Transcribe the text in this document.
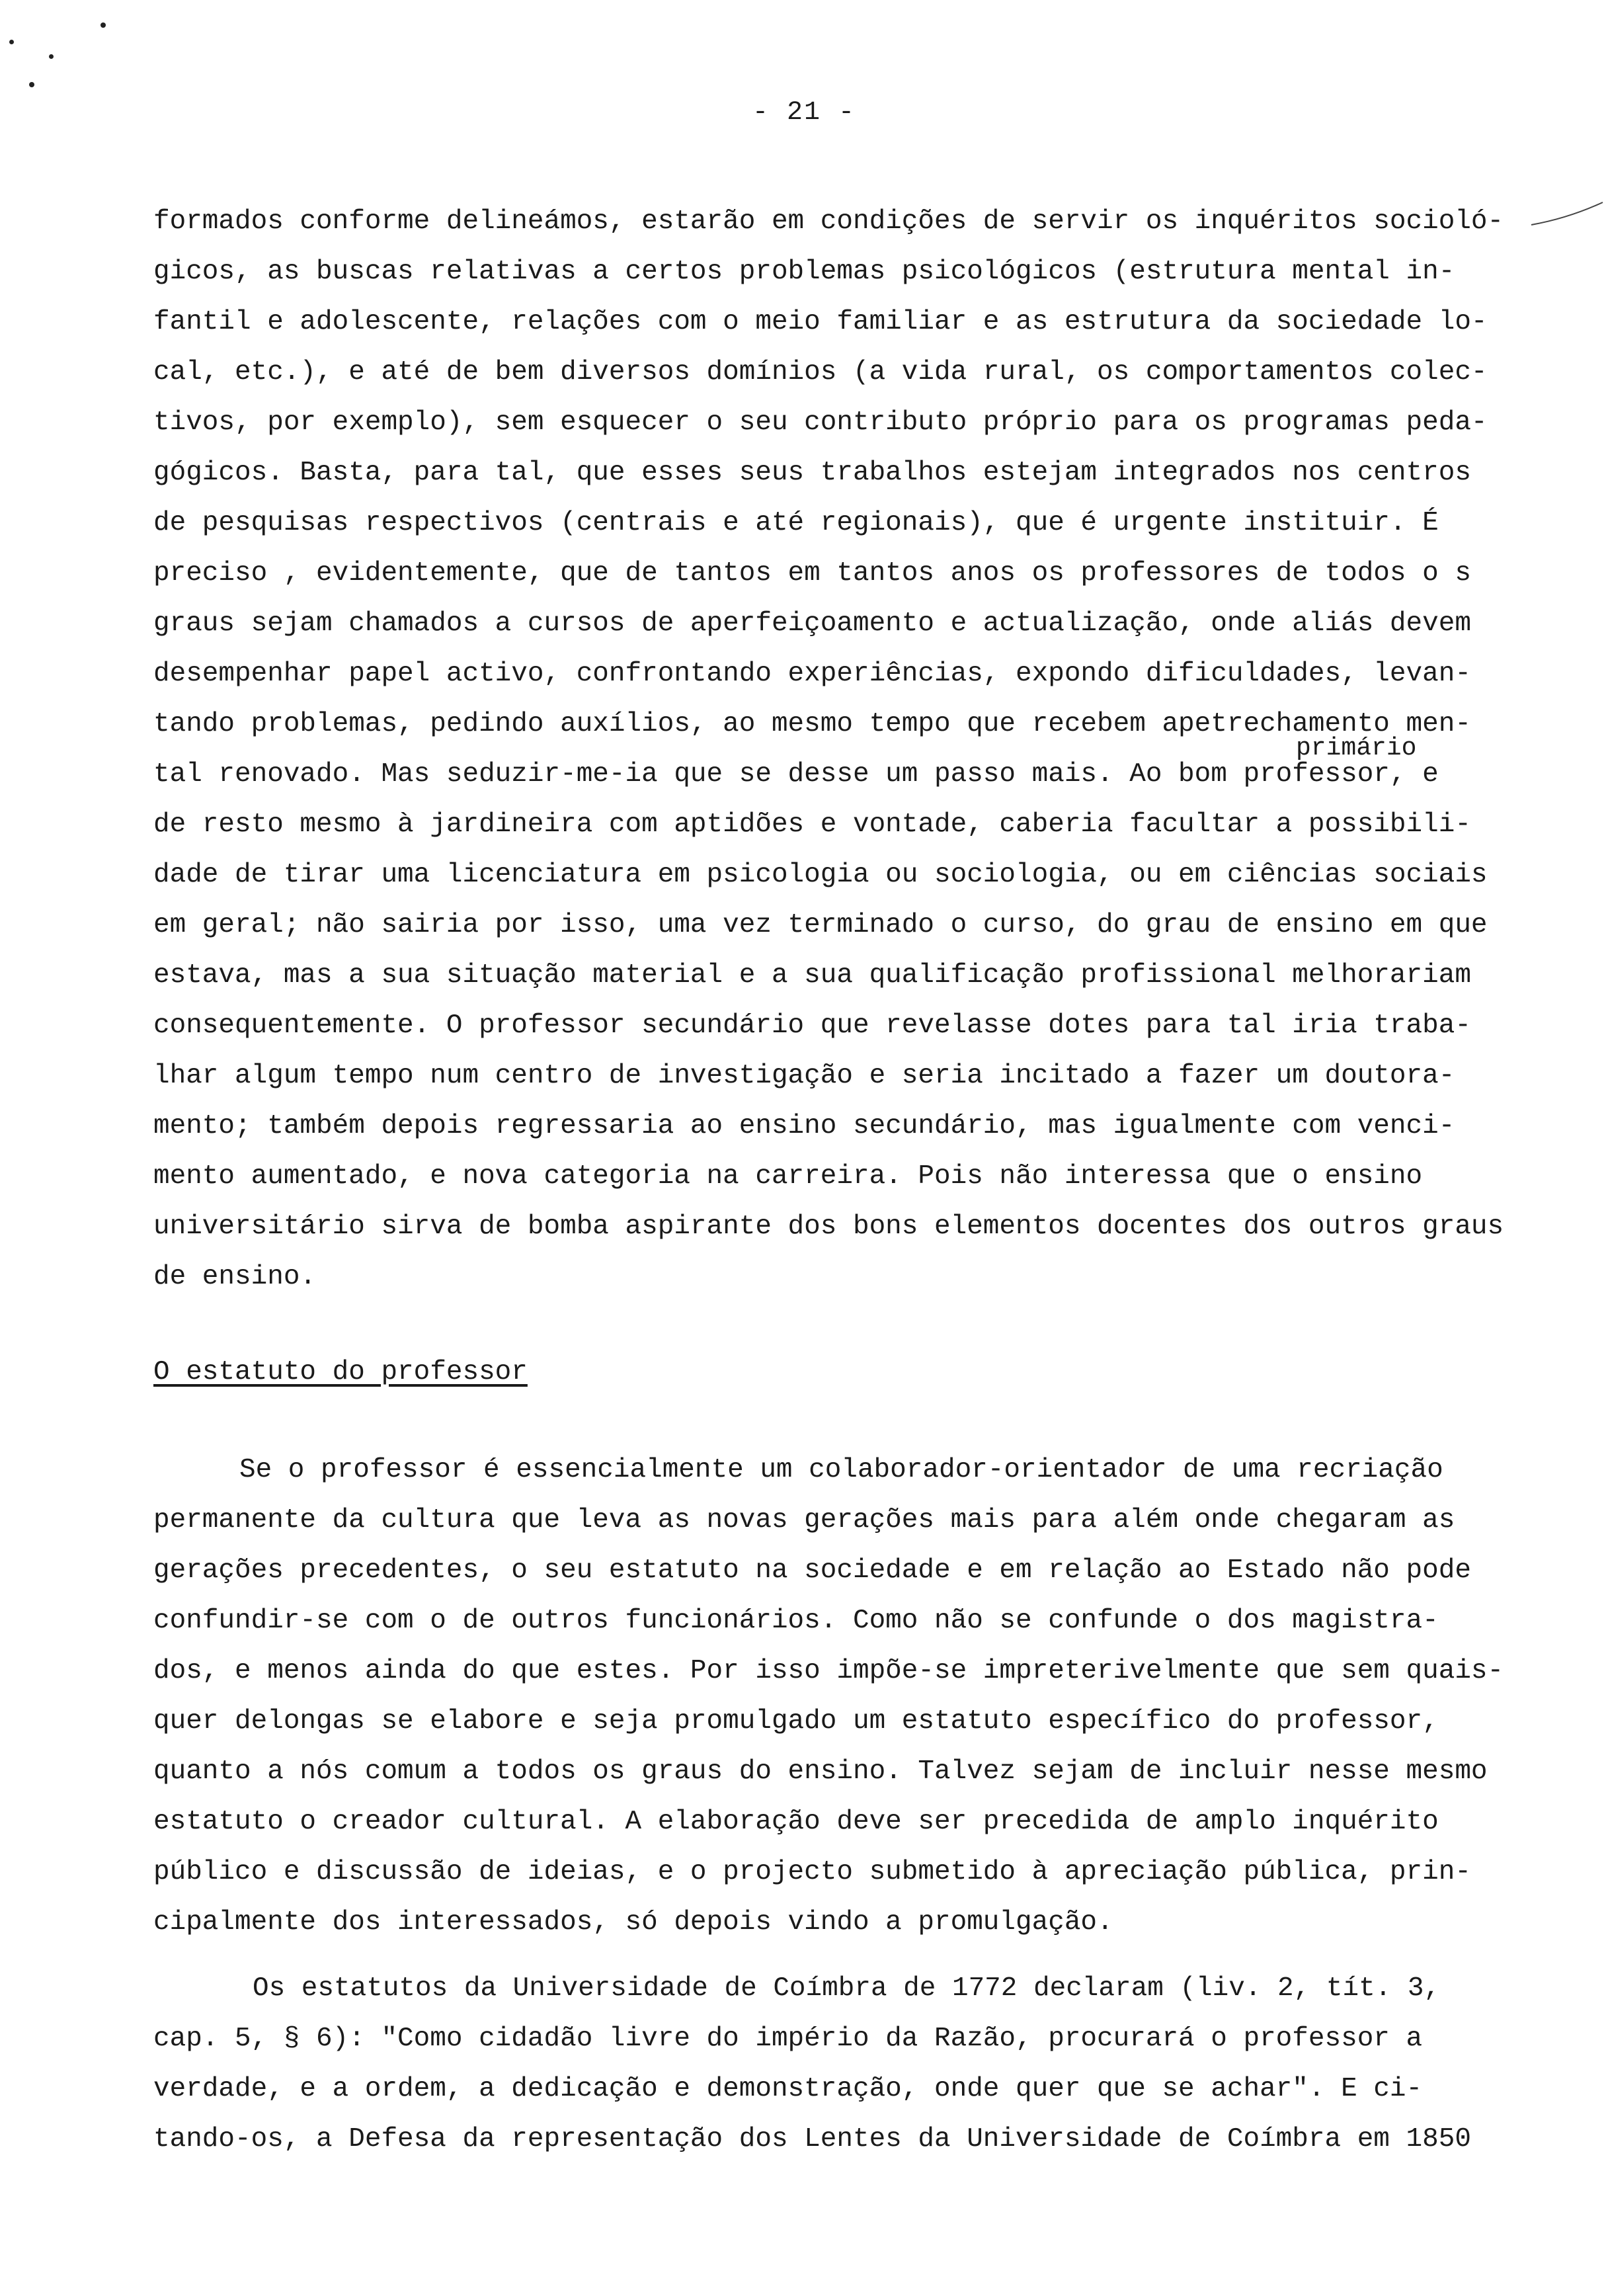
- 21 -
formados conforme delineámos, estarão em condições de servir os inquéritos socioló-
gicos, as buscas relativas a certos problemas psicológicos (estrutura mental in-
fantil e adolescente, relações com o meio familiar e as estrutura da sociedade lo-
cal, etc.), e até de bem diversos domínios (a vida rural, os comportamentos colec-
tivos, por exemplo), sem esquecer o seu contributo próprio para os programas peda-
gógicos. Basta, para tal, que esses seus trabalhos estejam integrados nos centros
de pesquisas respectivos (centrais e até regionais), que é urgente instituir. É
preciso , evidentemente, que de tantos em tantos anos os professores de todos o s
graus sejam chamados a cursos de aperfeiçoamento e actualização, onde aliás devem
desempenhar papel activo, confrontando experiências, expondo dificuldades, levan-
tando problemas, pedindo auxílios, ao mesmo tempo que recebem apetrechamento men-
tal renovado. Mas seduzir-me-ia que se desse um passo mais. Ao bom professor, e
de resto mesmo à jardineira com aptidões e vontade, caberia facultar a possibili-
dade de tirar uma licenciatura em psicologia ou sociologia, ou em ciências sociais
em geral; não sairia por isso, uma vez terminado o curso, do grau de ensino em que
estava, mas a sua situação material e a sua qualificação profissional melhorariam
consequentemente. O professor secundário que revelasse dotes para tal iria traba-
lhar algum tempo num centro de investigação e seria incitado a fazer um doutora-
mento; também depois regressaria ao ensino secundário, mas igualmente com venci-
mento aumentado, e nova categoria na carreira. Pois não interessa que o ensino
universitário sirva de bomba aspirante dos bons elementos docentes dos outros graus
de ensino.
primário
O estatuto do professor
Se o professor é essencialmente um colaborador-orientador de uma recriação
permanente da cultura que leva as novas gerações mais para além onde chegaram as
gerações precedentes, o seu estatuto na sociedade e em relação ao Estado não pode
confundir-se com o de outros funcionários. Como não se confunde o dos magistra-
dos, e menos ainda do que estes. Por isso impõe-se impreterivelmente que sem quais-
quer delongas se elabore e seja promulgado um estatuto específico do professor,
quanto a nós comum a todos os graus do ensino. Talvez sejam de incluir nesse mesmo
estatuto o creador cultural. A elaboração deve ser precedida de amplo inquérito
público e discussão de ideias, e o projecto submetido à apreciação pública, prin-
cipalmente dos interessados, só depois vindo a promulgação.
Os estatutos da Universidade de Coímbra de 1772 declaram (liv. 2, tít. 3,
cap. 5, § 6): "Como cidadão livre do império da Razão, procurará o professor a
verdade, e a ordem, a dedicação e demonstração, onde quer que se achar". E ci-
tando-os, a Defesa da representação dos Lentes da Universidade de Coímbra em 1850
